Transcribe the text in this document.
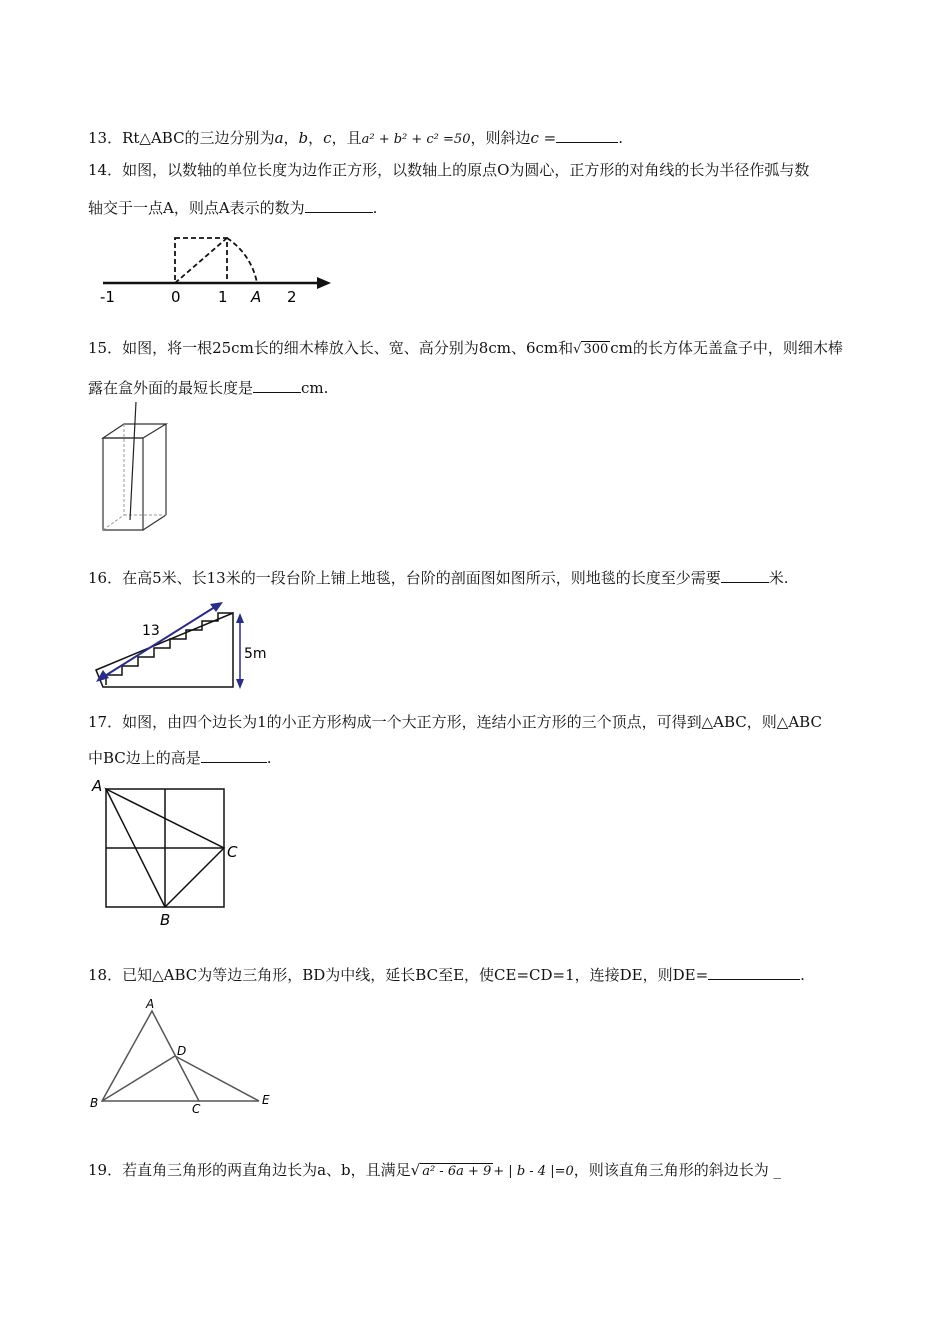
13．Rt△ABC的三边分别为a，b，c，且a² + b² + c² =50，则斜边c =	.
14．如图，以数轴的单位长度为边作正方形，以数轴上的原点O为圆心，正方形的对角线的长为半径作弧与数
轴交于一点A，则点A表示的数为	.
-1	0 1 A 2
15．如图，将一根25cm长的细木棒放入长、宽、高分别为8cm、6cm和√ 300 cm的长方体无盖盒子中，则细木棒
露在盒外面的最短长度是	cm.
16．在高5米、长13米的一段台阶上铺上地毯，台阶的剖面图如图所示，则地毯的长度至少需要	米.
13
5m
17．如图，由四个边长为1的小正方形构成一个大正方形，连结小正方形的三个顶点，可得到△ABC，则△ABC
中BC边上的高是	.
A
C
B
18．已知△ABC为等边三角形，BD为中线，延长BC至E，使CE=CD=1，连接DE，则DE=	.
A
B	C
D
E
19．若直角三角形的两直角边长为a、b，且满足√ a² - 6a + 9 + | b - 4 |=0，则该直角三角形的斜边长为 _
